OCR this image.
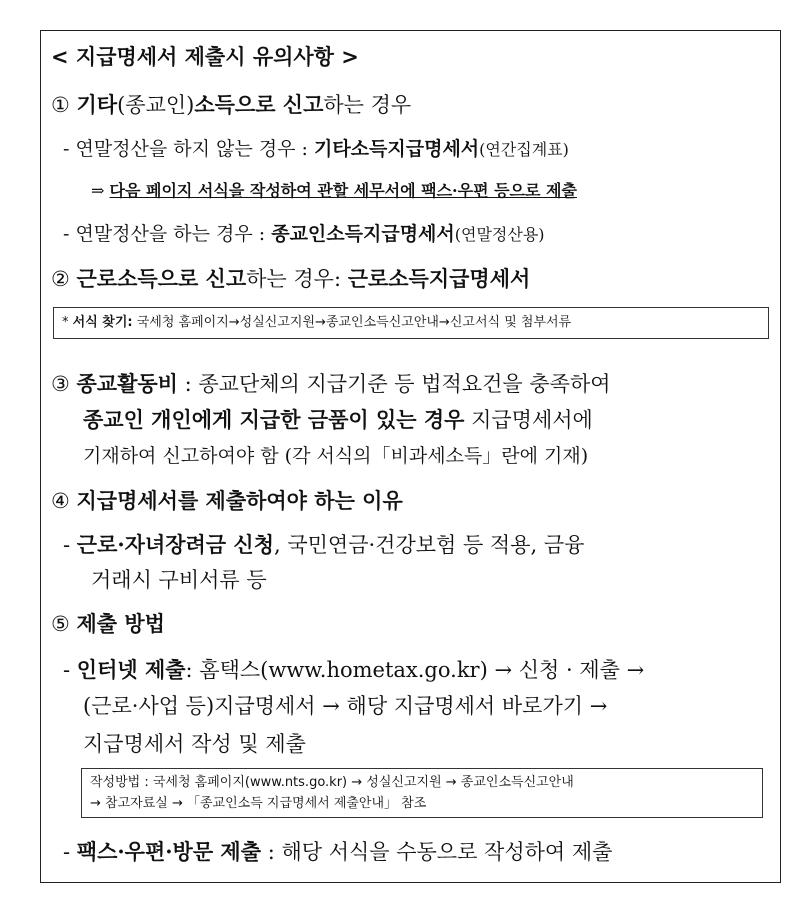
< 지급명세서 제출시 유의사항 >
① 기타(종교인)소득으로 신고하는 경우
- 연말정산을 하지 않는 경우 : 기타소득지급명세서(연간집계표)
⇒ 다음 페이지 서식을 작성하여 관할 세무서에 팩스·우편 등으로 제출
- 연말정산을 하는 경우 : 종교인소득지급명세서(연말정산용)
② 근로소득으로 신고하는 경우: 근로소득지급명세서
* 서식 찾기: 국세청 홈페이지→성실신고지원→종교인소득신고안내→신고서식 및 첨부서류
③ 종교활동비 : 종교단체의 지급기준 등 법적요건을 충족하여
종교인 개인에게 지급한 금품이 있는 경우 지급명세서에
기재하여 신고하여야 함 (각 서식의「비과세소득」란에 기재)
④ 지급명세서를 제출하여야 하는 이유
- 근로·자녀장려금 신청, 국민연금·건강보험 등 적용, 금융
거래시 구비서류 등
⑤ 제출 방법
- 인터넷 제출: 홈택스(www.hometax.go.kr) → 신청 · 제출 →
(근로·사업 등)지급명세서 → 해당 지급명세서 바로가기 →
지급명세서 작성 및 제출
작성방법 : 국세청 홈페이지(www.nts.go.kr) → 성실신고지원 → 종교인소득신고안내
→ 참고자료실 → 「종교인소득 지급명세서 제출안내」 참조
- 팩스·우편·방문 제출 : 해당 서식을 수동으로 작성하여 제출
